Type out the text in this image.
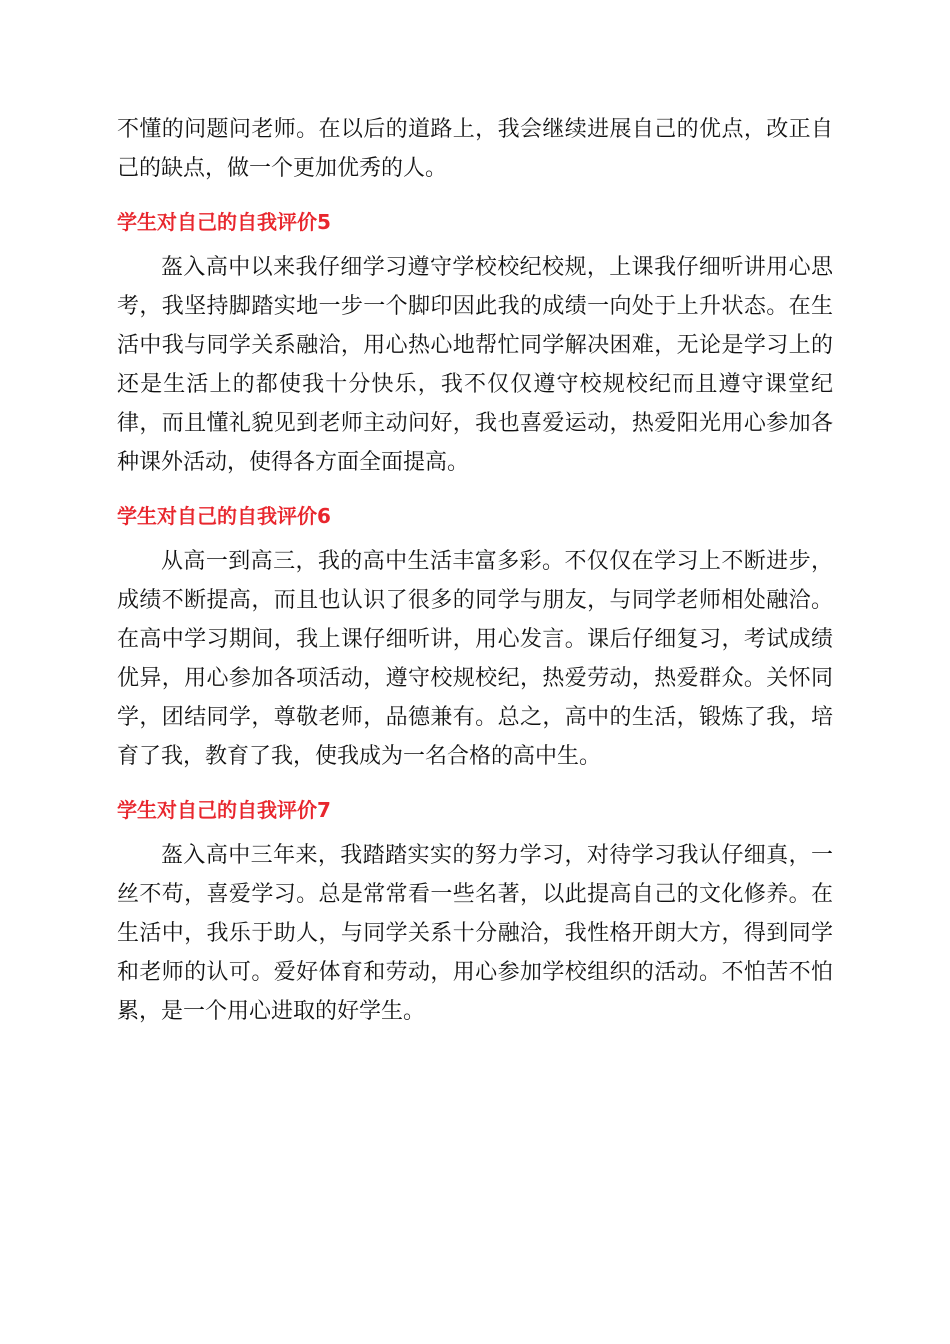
不懂的问题问老师。在以后的道路上，我会继续进展自己的优点，改正自己的缺点，做一个更加优秀的人。

学生对自己的自我评价5

盔入高中以来我仔细学习遵守学校校纪校规，上课我仔细听讲用心思考，我坚持脚踏实地一步一个脚印因此我的成绩一向处于上升状态。在生活中我与同学关系融洽，用心热心地帮忙同学解决困难，无论是学习上的还是生活上的都使我十分快乐，我不仅仅遵守校规校纪而且遵守课堂纪律，而且懂礼貌见到老师主动问好，我也喜爱运动，热爱阳光用心参加各种课外活动，使得各方面全面提高。

学生对自己的自我评价6

从高一到高三，我的高中生活丰富多彩。不仅仅在学习上不断进步，成绩不断提高，而且也认识了很多的同学与朋友，与同学老师相处融洽。在高中学习期间，我上课仔细听讲，用心发言。课后仔细复习，考试成绩优异，用心参加各项活动，遵守校规校纪，热爱劳动，热爱群众。关怀同学，团结同学，尊敬老师，品德兼有。总之，高中的生活，锻炼了我，培育了我，教育了我，使我成为一名合格的高中生。

学生对自己的自我评价7

盔入高中三年来，我踏踏实实的努力学习，对待学习我认仔细真，一丝不苟，喜爱学习。总是常常看一些名著，以此提高自己的文化修养。在生活中，我乐于助人，与同学关系十分融洽，我性格开朗大方，得到同学和老师的认可。爱好体育和劳动，用心参加学校组织的活动。不怕苦不怕累，是一个用心进取的好学生。
